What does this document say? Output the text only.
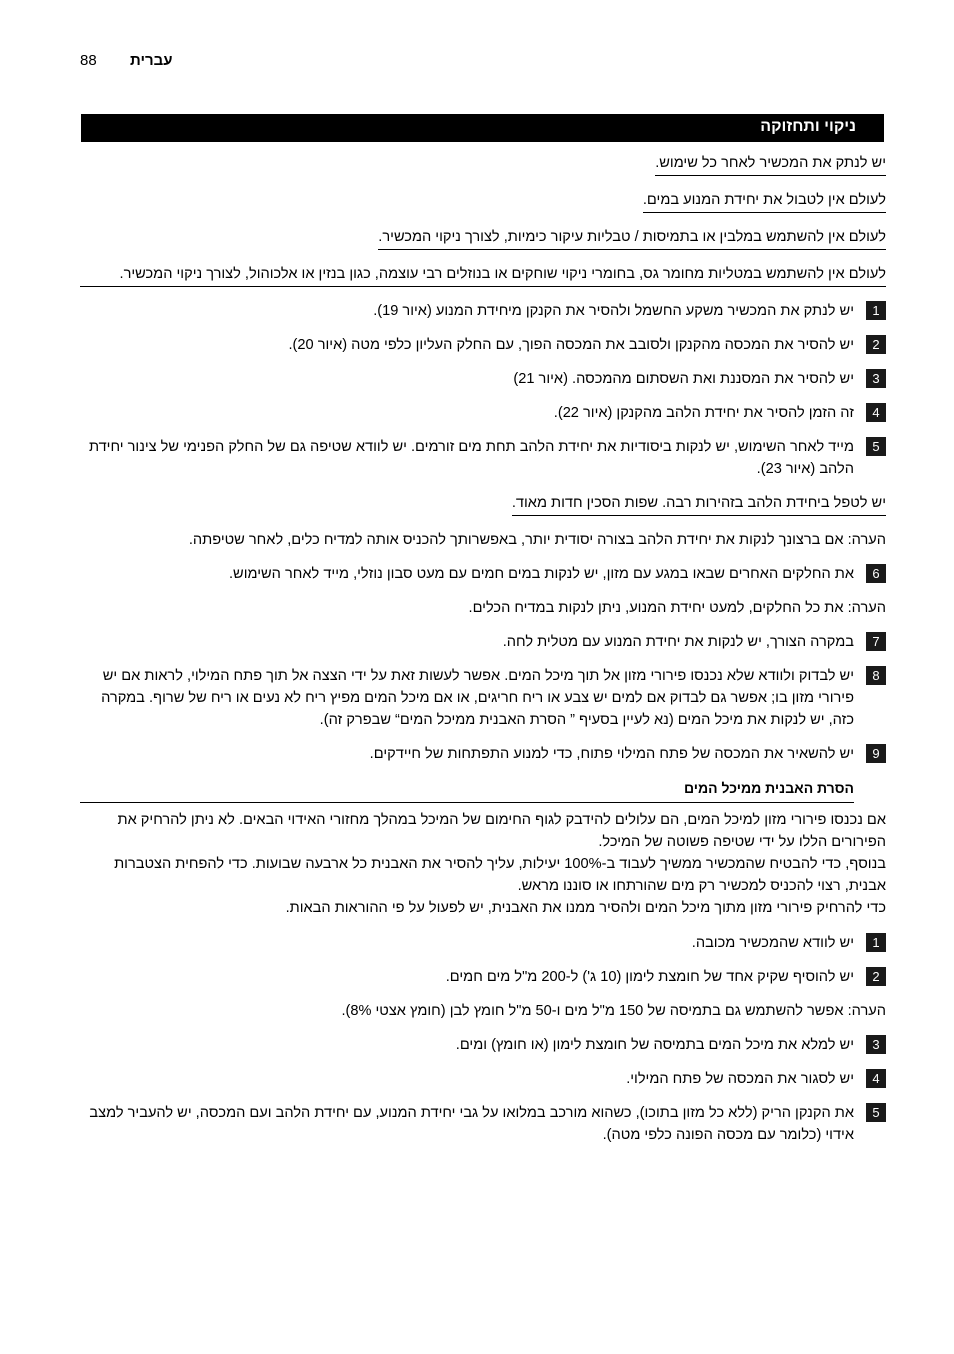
88 עברית
ניקוי ותחזוקה
יש לנתק את המכשיר לאחר כל שימוש.
לעולם אין לטבול את יחידת המנוע במים.
לעולם אין להשתמש במלבין או בתמיסות / טבליות עיקור כימיות, לצורך ניקוי המכשיר.
לעולם אין להשתמש במטליות מחומר גס, בחומרי ניקוי שוחקים או בנוזלים רבי עוצמה, כגון בנזין או אלכוהול, לצורך ניקוי המכשיר.
1
יש לנתק את המכשיר משקע החשמל ולהסיר את הקנקן מיחידת המנוע (איור 19).
2
יש להסיר את המכסה מהקנקן ולסובב את המכסה הפוך, עם החלק העליון כלפי מטה (איור 20).
3
יש להסיר את המסננת ואת השסתום מהמכסה. (איור 21)
4
זה הזמן להסיר את יחידת הלהב מהקנקן (איור 22).
5
מייד לאחר השימוש, יש לנקות ביסודיות את יחידת הלהב תחת מים זורמים. יש לוודא שטיפה גם של החלק הפנימי של צינור יחידת הלהב (איור 23).
יש לטפל ביחידת הלהב בזהירות רבה. שפות הסכין חדות מאוד.
הערה: אם ברצונך לנקות את יחידת הלהב בצורה יסודית יותר, באפשרותך להכניס אותה למדיח כלים, לאחר שטיפתה.
6
את החלקים האחרים שבאו במגע עם מזון, יש לנקות במים חמים עם מעט סבון נוזלי, מייד לאחר השימוש.
הערה: את כל החלקים, למעט יחידת המנוע, ניתן לנקות במדיח הכלים.
7
במקרה הצורך, יש לנקות את יחידת המנוע עם מטלית לחה.
8
יש לבדוק ולוודא שלא נכנסו פירורי מזון אל תוך מיכל המים. אפשר לעשות זאת על ידי הצצה אל תוך פתח המילוי, לראות אם יש פירורי מזון בו; אפשר גם לבדוק אם למים יש צבע או ריח חריגים, או אם מיכל המים מפיץ ריח לא נעים או ריח של שרוף. במקרה כזה, יש לנקות את מיכל המים (נא לעיין בסעיף ” הסרת האבנית ממיכל המים“ שבפרק זה).
9
יש להשאיר את המכסה של פתח המילוי פתוח, כדי למנוע התפתחות של חיידקים.
הסרת האבנית ממיכל המים

אם נכנסו פירורי מזון למיכל המים, הם עלולים להידבק לגוף החימום של המיכל במהלך מחזורי האידוי הבאים. לא ניתן להרחיק את הפירורים הללו על ידי שטיפה פשוטה של המיכל.

בנוסף, כדי להבטיח שהמכשיר ממשיך לעבוד ב-100% יעילות, עליך להסיר את האבנית כל ארבעה שבועות. כדי להפחית הצטברות אבנית, רצוי להכניס למכשיר רק מים שהורתחו או סוננו מראש.

כדי להרחיק פירורי מזון מתוך מיכל המים ולהסיר ממנו את האבנית, יש לפעול על פי ההוראות הבאות.

1
יש לוודא שהמכשיר מכובה.
2
יש להוסיף שקיק אחד של חומצת לימון (10 ג') ל-200 מ"ל מים חמים.
הערה: אפשר להשתמש גם בתמיסה של 150 מ"ל מים ו-50 מ"ל חומץ לבן (חומץ אצטי 8%).
3
יש למלא את מיכל המים בתמיסה של חומצת לימון (או חומץ) ומים.
4
יש לסגור את המכסה של פתח המילוי.
5
את הקנקן הריק (ללא כל מזון בתוכו), כשהוא מורכב במלואו על גבי יחידת המנוע, עם יחידת הלהב ועם המכסה, יש להעביר למצב אידוי (כלומר עם מכסה הפונה כלפי מטה).
